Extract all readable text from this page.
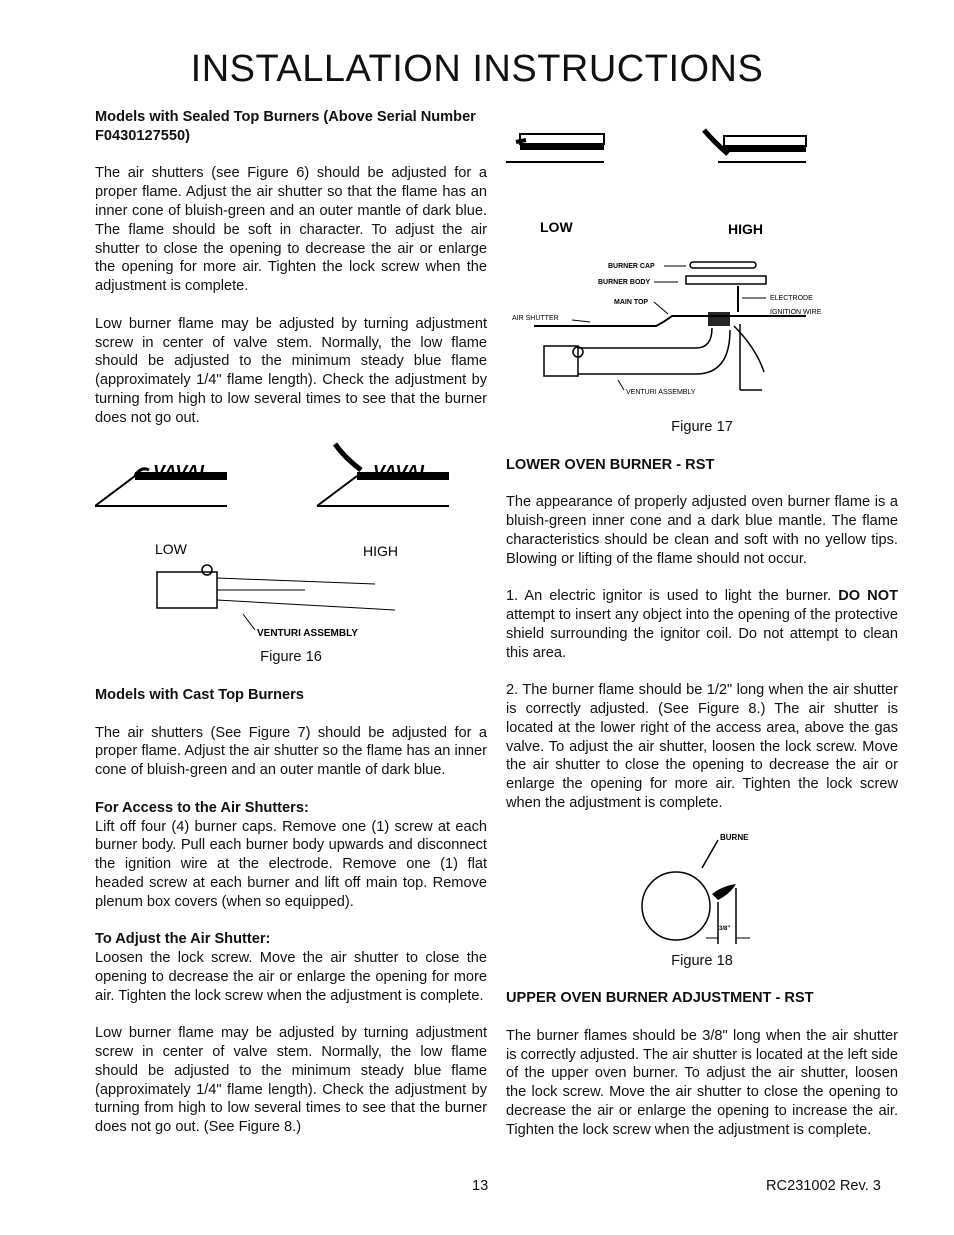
INSTALLATION INSTRUCTIONS
Models with Sealed Top Burners (Above Serial Number F0430127550)

The air shutters (see Figure 6) should be adjusted for a proper flame. Adjust the air shutter so that the flame has an inner cone of bluish-green and an outer mantle of dark blue. The flame should be soft in character. To adjust the air shutter to close the opening to decrease the air or enlarge the opening for more air. Tighten the lock screw when the adjustment is complete.

Low burner flame may be adjusted by turning adjustment screw in center of valve stem. Normally, the low flame should be adjusted to the minimum steady blue flame (approximately 1/4" flame length). Check the adjustment by turning from high to low several times to see that the burner does not go out.

VAVAI	VAVAI
LOW	HIGH
VENTURI ASSEMBLY
Figure 16
Models with Cast Top Burners

The air shutters (See Figure 7) should be adjusted for a proper flame. Adjust the air shutter so the flame has an inner cone of bluish-green and an outer mantle of dark blue.

For Access to the Air Shutters:

Lift off four (4) burner caps. Remove one (1) screw at each burner body. Pull each burner body upwards and disconnect the ignition wire at the electrode. Remove one (1) flat headed screw at each burner and lift off main top. Remove plenum box covers (when so equipped).

To Adjust the Air Shutter:

Loosen the lock screw. Move the air shutter to close the opening to decrease the air or enlarge the opening for more air. Tighten the lock screw when the adjustment is complete.

Low burner flame may be adjusted by turning adjustment screw in center of valve stem. Normally, the low flame should be adjusted to the minimum steady blue flame (approximately 1/4" flame length). Check the adjustment by turning from high to low several times to see that the burner does not go out. (See Figure 8.)

LOW	HIGH
BURNER CAP
BURNER BODY
MAIN TOP
ELECTRODE
IGNITION WIRE
AIR SHUTTER
VENTURI ASSEMBLY
Figure 17
LOWER OVEN BURNER - RST

The appearance of properly adjusted oven burner flame is a bluish-green inner cone and a dark blue mantle. The flame characteristics should be clean and soft with no yellow tips. Blowing or lifting of the flame should not occur.

1. An electric ignitor is used to light the burner. DO NOT attempt to insert any object into the opening of the protective shield surrounding the ignitor coil. Do not attempt to clean this area.

2. The burner flame should be 1/2" long when the air shutter is correctly adjusted. (See Figure 8.) The air shutter is located at the lower right of the access area, above the gas valve. To adjust the air shutter, loosen the lock screw. Move the air shutter to close the opening to decrease the air or enlarge the opening for more air. Tighten the lock screw when the adjustment is complete.

BURNE
3/8"
Figure 18
UPPER OVEN BURNER ADJUSTMENT - RST

The burner flames should be 3/8" long when the air shutter is correctly adjusted. The air shutter is located at the left side of the upper oven burner. To adjust the air shutter, loosen the lock screw. Move the air shutter to close the opening to decrease the air or enlarge the opening to increase the air. Tighten the lock screw when the adjustment is complete.

13	RC231002 Rev. 3
